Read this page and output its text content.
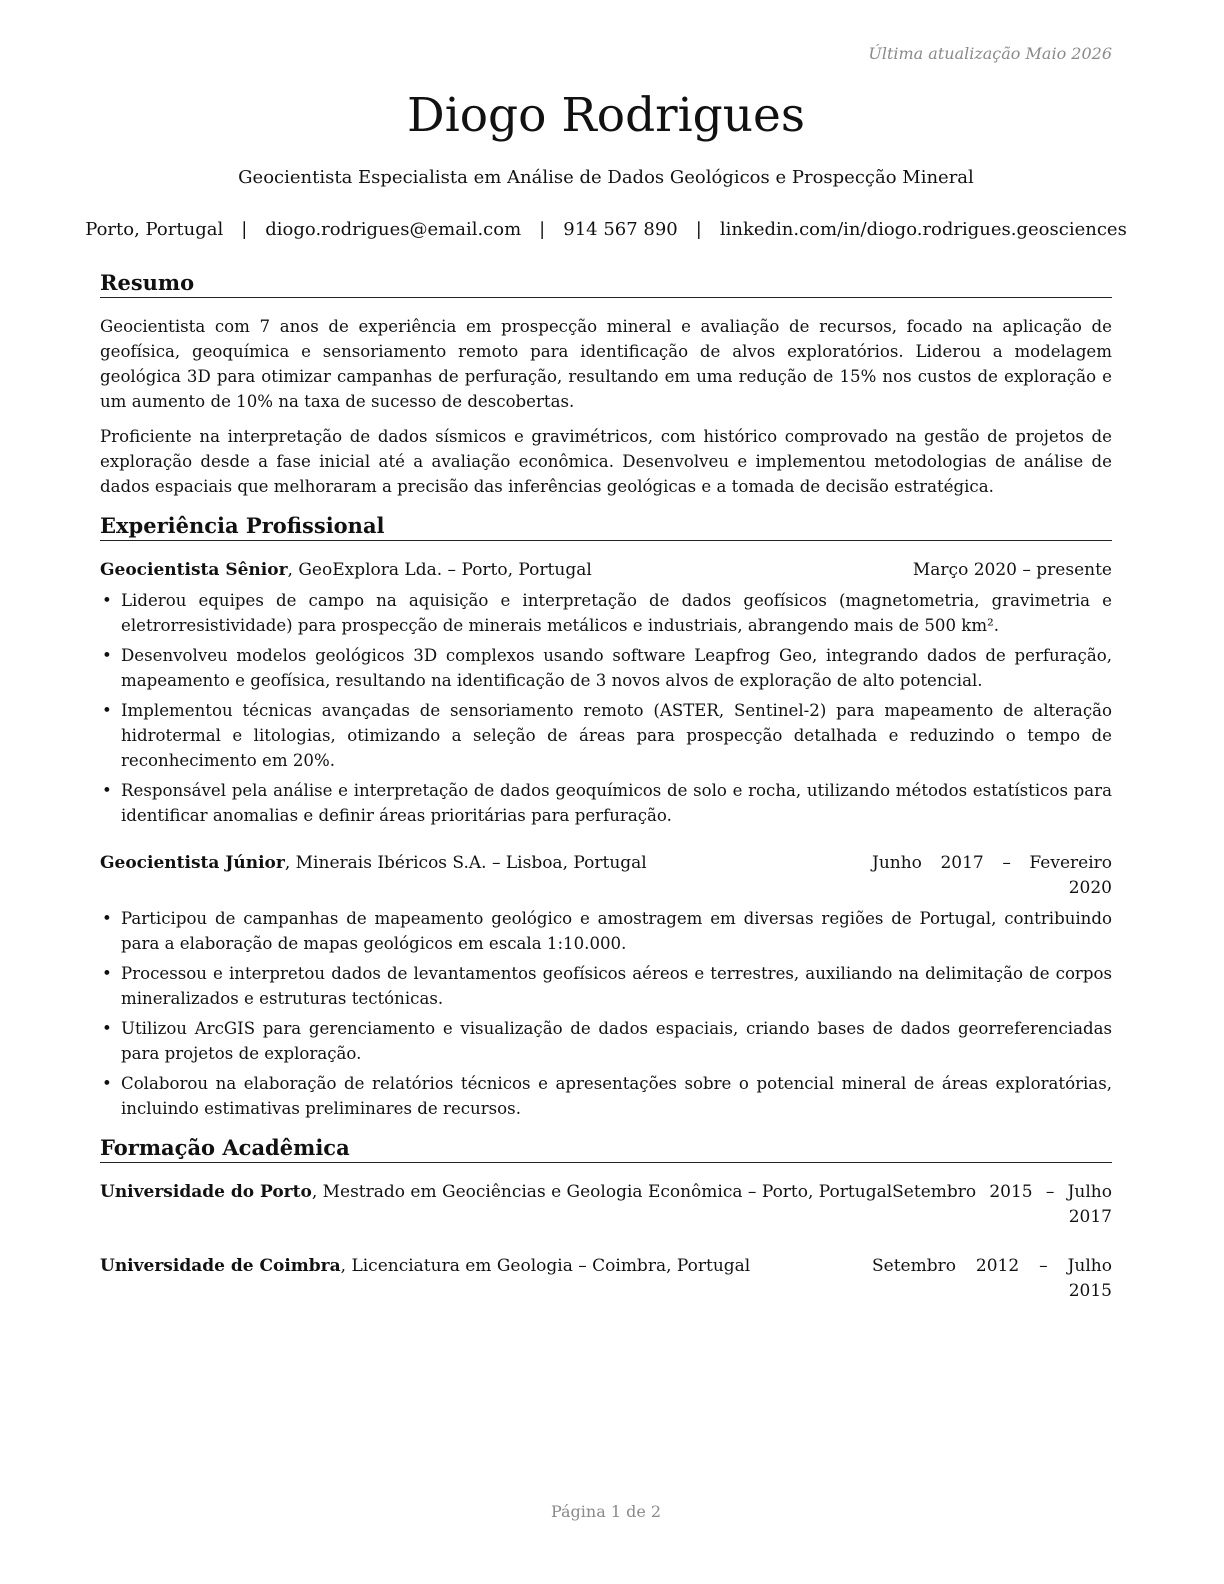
Última atualização Maio 2026
Diogo Rodrigues
Geocientista Especialista em Análise de Dados Geológicos e Prospecção Mineral
Porto, Portugal | diogo.rodrigues@email.com | 914 567 890 | linkedin.com/in/diogo.rodrigues.geosciences
Resumo

Geocientista com 7 anos de experiência em prospecção mineral e avaliação de recursos, focado na aplicação de geofísica, geoquímica e sensoriamento remoto para identificação de alvos exploratórios. Liderou a modelagem geológica 3D para otimizar campanhas de perfuração, resultando em uma redução de 15% nos custos de exploração e um aumento de 10% na taxa de sucesso de descobertas.

Proficiente na interpretação de dados sísmicos e gravimétricos, com histórico comprovado na gestão de projetos de exploração desde a fase inicial até a avaliação econômica. Desenvolveu e implementou metodologias de análise de dados espaciais que melhoraram a precisão das inferências geológicas e a tomada de decisão estratégica.

Experiência Profissional
Geocientista Sênior, GeoExplora Lda. – Porto, Portugal	Março 2020 – presente
• Liderou equipes de campo na aquisição e interpretação de dados geofísicos (magnetometria, gravimetria e eletrorresistividade) para prospecção de minerais metálicos e industriais, abrangendo mais de 500 km².
• Desenvolveu modelos geológicos 3D complexos usando software Leapfrog Geo, integrando dados de perfuração, mapeamento e geofísica, resultando na identificação de 3 novos alvos de exploração de alto potencial.
• Implementou técnicas avançadas de sensoriamento remoto (ASTER, Sentinel-2) para mapeamento de alteração hidrotermal e litologias, otimizando a seleção de áreas para prospecção detalhada e reduzindo o tempo de reconhecimento em 20%.
• Responsável pela análise e interpretação de dados geoquímicos de solo e rocha, utilizando métodos estatísticos para identificar anomalias e definir áreas prioritárias para perfuração.
Geocientista Júnior, Minerais Ibéricos S.A. – Lisboa, Portugal	Junho 2017 – Fevereiro 2020
• Participou de campanhas de mapeamento geológico e amostragem em diversas regiões de Portugal, contribuindo para a elaboração de mapas geológicos em escala 1:10.000.
• Processou e interpretou dados de levantamentos geofísicos aéreos e terrestres, auxiliando na delimitação de corpos mineralizados e estruturas tectónicas.
• Utilizou ArcGIS para gerenciamento e visualização de dados espaciais, criando bases de dados georreferenciadas para projetos de exploração.
• Colaborou na elaboração de relatórios técnicos e apresentações sobre o potencial mineral de áreas exploratórias, incluindo estimativas preliminares de recursos.
Formação Acadêmica
Universidade do Porto, Mestrado em Geociências e Geologia Econômica – Porto, Portugal Setembro 2015 – Julho 2017
Universidade de Coimbra, Licenciatura em Geologia – Coimbra, Portugal	Setembro 2012 – Julho 2015
Página 1 de 2
